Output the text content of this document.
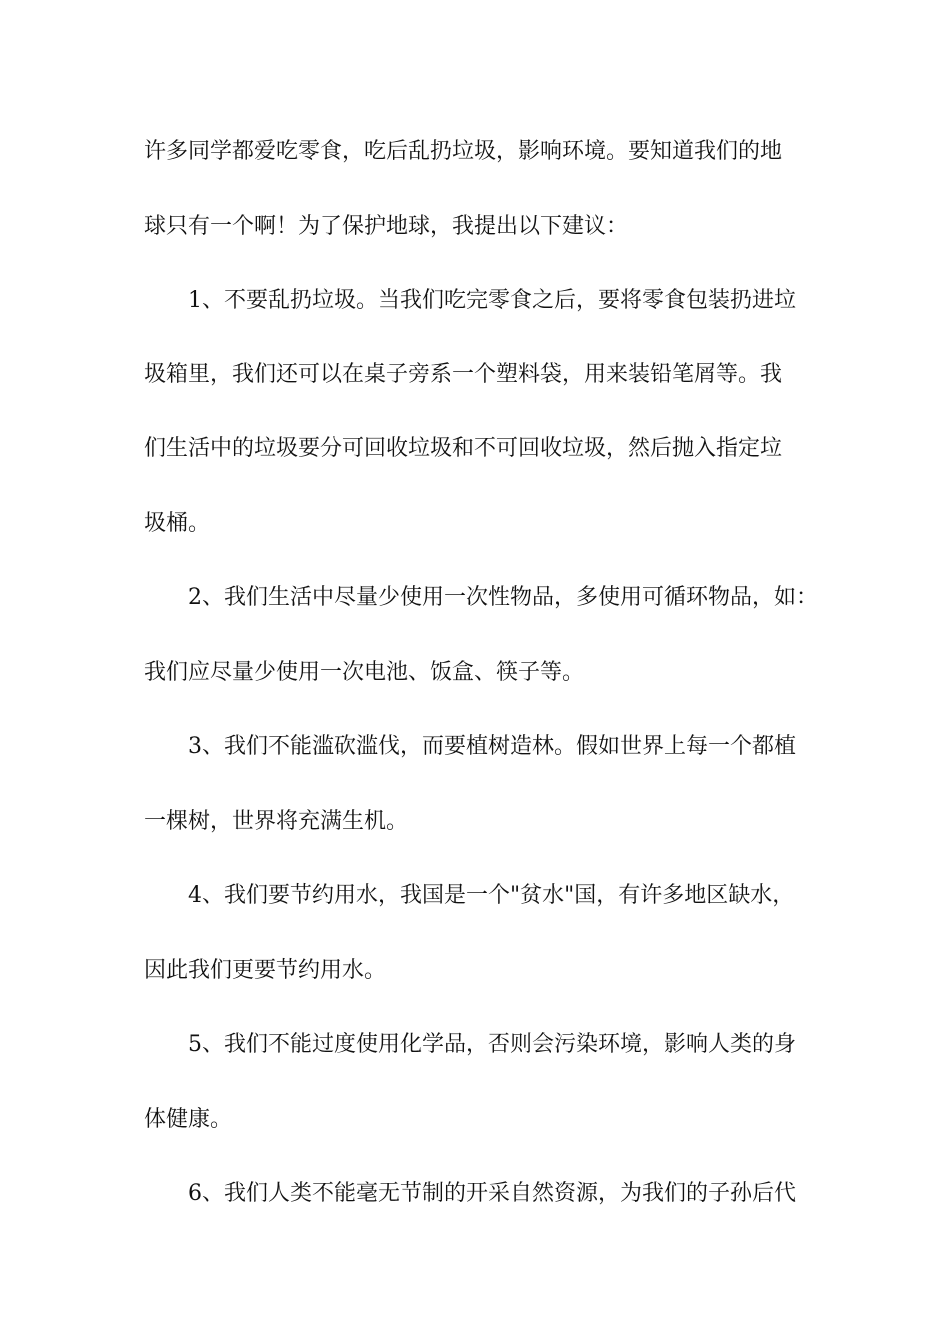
许多同学都爱吃零食，吃后乱扔垃圾，影响环境。要知道我们的地
球只有一个啊！为了保护地球，我提出以下建议：
　　1、不要乱扔垃圾。当我们吃完零食之后，要将零食包装扔进垃
圾箱里，我们还可以在桌子旁系一个塑料袋，用来装铅笔屑等。我
们生活中的垃圾要分可回收垃圾和不可回收垃圾，然后抛入指定垃
圾桶。
　　2、我们生活中尽量少使用一次性物品，多使用可循环物品，如：
我们应尽量少使用一次电池、饭盒、筷子等。
　　3、我们不能滥砍滥伐，而要植树造林。假如世界上每一个都植
一棵树，世界将充满生机。
　　4、我们要节约用水，我国是一个"贫水"国，有许多地区缺水，
因此我们更要节约用水。
　　5、我们不能过度使用化学品，否则会污染环境，影响人类的身
体健康。
　　6、我们人类不能毫无节制的开采自然资源，为我们的子孙后代
